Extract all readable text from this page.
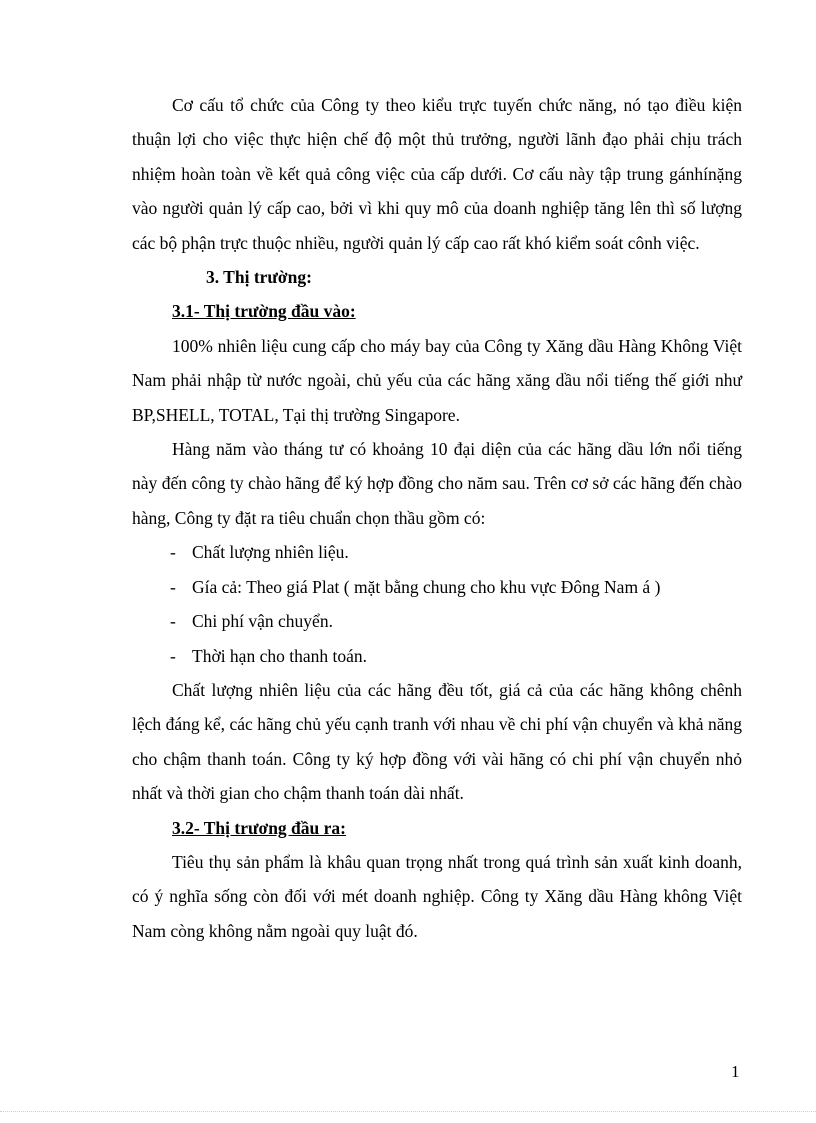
Cơ cấu tổ chức của Công ty theo kiểu trực tuyến chức năng, nó tạo điều kiện thuận lợi cho việc thực hiện chế độ một thủ trưởng, người lãnh đạo phải chịu trách nhiệm hoàn toàn về kết quả công việc của cấp dưới. Cơ cấu này tập trung gánhínặng vào người quản lý cấp cao, bởi vì khi quy mô của doanh nghiệp tăng lên thì số lượng các bộ phận trực thuộc nhiều, người quản lý cấp cao rất khó kiểm soát cônh việc.

3. Thị trường:

3.1- Thị trường đầu vào:

100% nhiên liệu cung cấp cho máy bay của Công ty Xăng dầu Hàng Không Việt Nam phải nhập từ nước ngoài, chủ yếu của các hãng xăng dầu nổi tiếng thế giới như BP,SHELL, TOTAL, Tại thị trường Singapore.

Hàng năm vào tháng tư có khoảng 10 đại diện của các hãng dầu lớn nổi tiếng này đến công ty chào hãng để ký hợp đồng cho năm sau. Trên cơ sở các hãng đến chào hàng, Công ty đặt ra tiêu chuẩn chọn thầu gồm có:

- Chất lượng nhiên liệu.
- Gía cả: Theo giá Plat ( mặt bằng chung cho khu vực Đông Nam á )
- Chi phí vận chuyển.
- Thời hạn cho thanh toán.

Chất lượng nhiên liệu của các hãng đều tốt, giá cả của các hãng không chênh lệch đáng kể, các hãng chủ yếu cạnh tranh với nhau về chi phí vận chuyển và khả năng cho chậm thanh toán. Công ty ký hợp đồng với vài hãng có chi phí vận chuyển nhỏ nhất và thời gian cho chậm thanh toán dài nhất.

3.2- Thị trương đầu ra:

Tiêu thụ sản phẩm là khâu quan trọng nhất trong quá trình sản xuất kinh doanh, có ý nghĩa sống còn đối với mét doanh nghiệp. Công ty Xăng dầu Hàng không Việt Nam còng không nằm ngoài quy luật đó.

1
